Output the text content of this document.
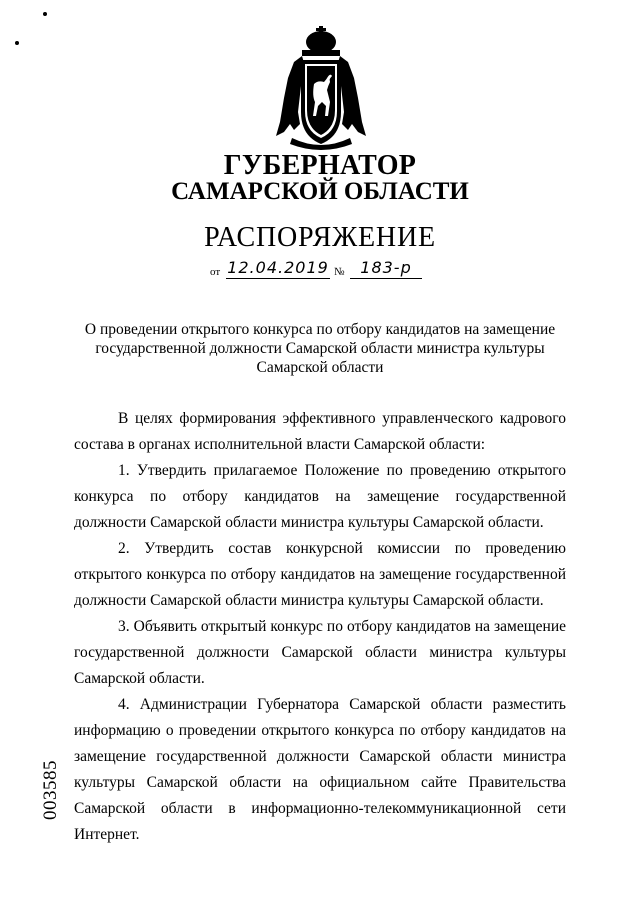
ГУБЕРНАТОР
САМАРСКОЙ ОБЛАСТИ
РАСПОРЯЖЕНИЕ
от 12.04.2019 № 183-р
О проведении открытого конкурса по отбору кандидатов на замещение государственной должности Самарской области министра культуры Самарской области

В целях формирования эффективного управленческого кадрового состава в органах исполнительной власти Самарской области:

1. Утвердить прилагаемое Положение по проведению открытого конкурса по отбору кандидатов на замещение государственной должности Самарской области министра культуры Самарской области.

2. Утвердить состав конкурсной комиссии по проведению открытого конкурса по отбору кандидатов на замещение государственной должности Самарской области министра культуры Самарской области.

3. Объявить открытый конкурс по отбору кандидатов на замещение государственной должности Самарской области министра культуры Самарской области.

4. Администрации Губернатора Самарской области разместить информацию о проведении открытого конкурса по отбору кандидатов на замещение государственной должности Самарской области министра культуры Самарской области на официальном сайте Правительства Самарской области в информационно-телекоммуникационной сети Интернет.

003585
